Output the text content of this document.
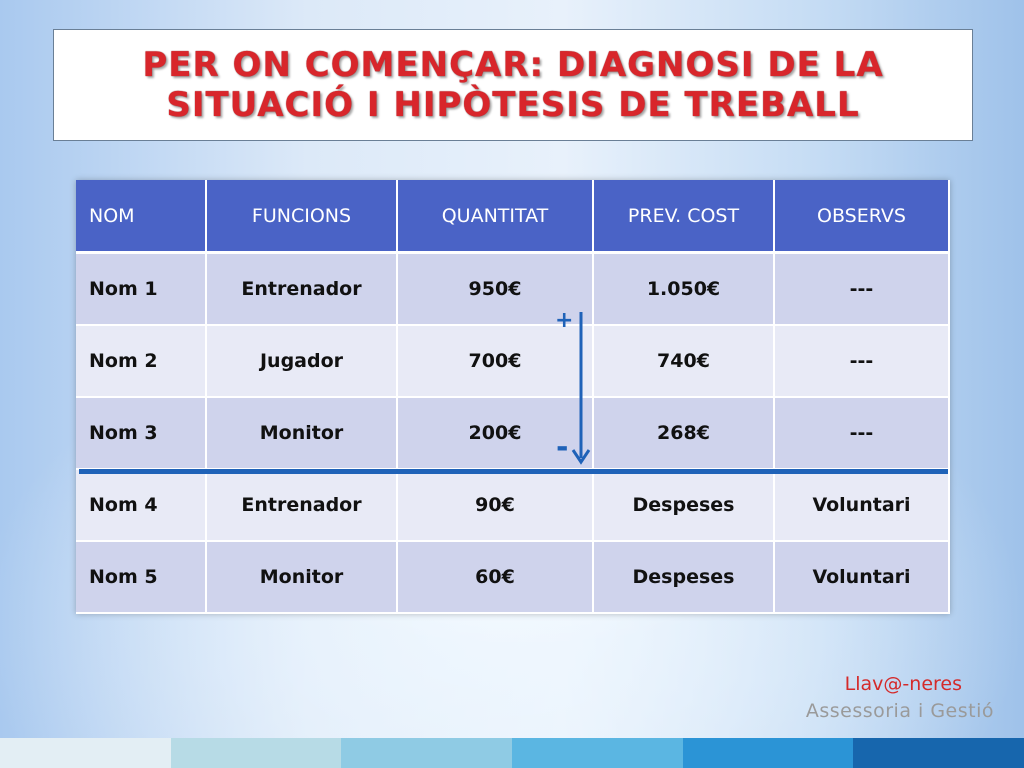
PER ON COMENÇAR: DIAGNOSI DE LA SITUACIÓ I HIPÒTESIS DE TREBALL
NOM	FUNCIONS	QUANTITAT	PREV. COST	OBSERVS
Nom 1	Entrenador	950€	1.050€	---
Nom 2	Jugador	700€	740€	---
Nom 3	Monitor	200€	268€	---
Nom 4	Entrenador	90€	Despeses	Voluntari
Nom 5	Monitor	60€	Despeses	Voluntari
+
-
Llav@-neres
Assessoria i Gestió
